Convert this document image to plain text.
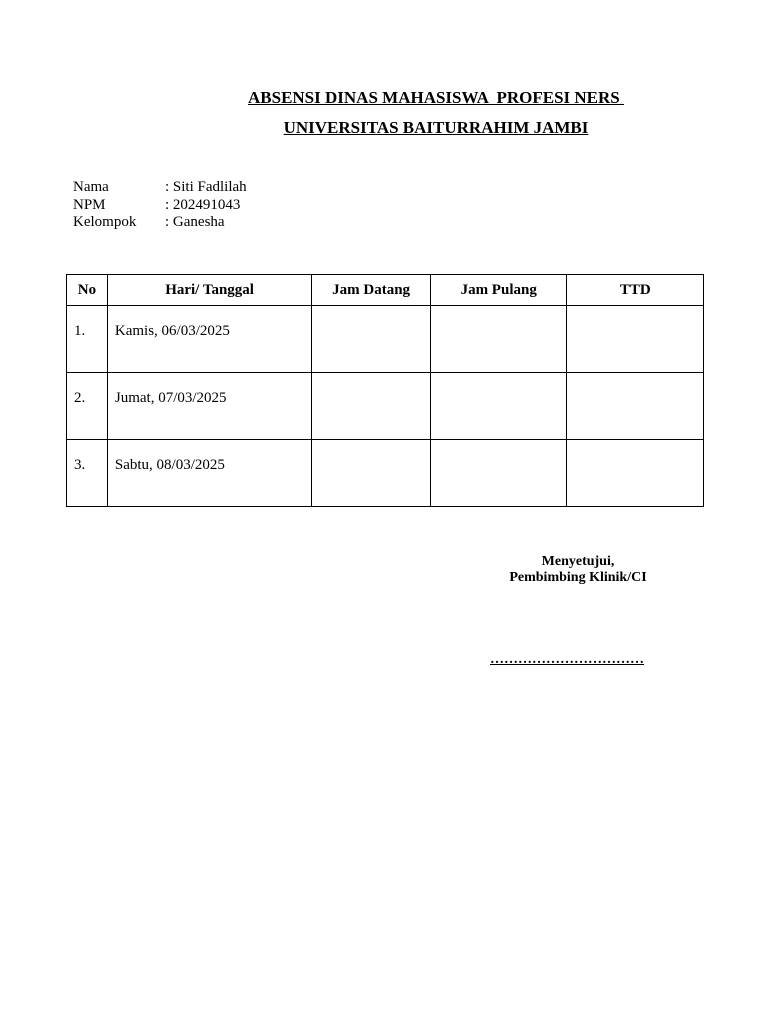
ABSENSI DINAS MAHASISWA  PROFESI NERS
UNIVERSITAS BAITURRAHIM JAMBI
Nama	: Siti Fadlilah
NPM	: 202491043
Kelompok	: Ganesha
No	Hari/ Tanggal	Jam Datang	Jam Pulang	TTD

1.	Kamis, 06/03/2025			

2.	Jumat, 07/03/2025			

3.	Sabtu, 08/03/2025			

Menyetujui,
Pembimbing Klinik/CI
……………………………
